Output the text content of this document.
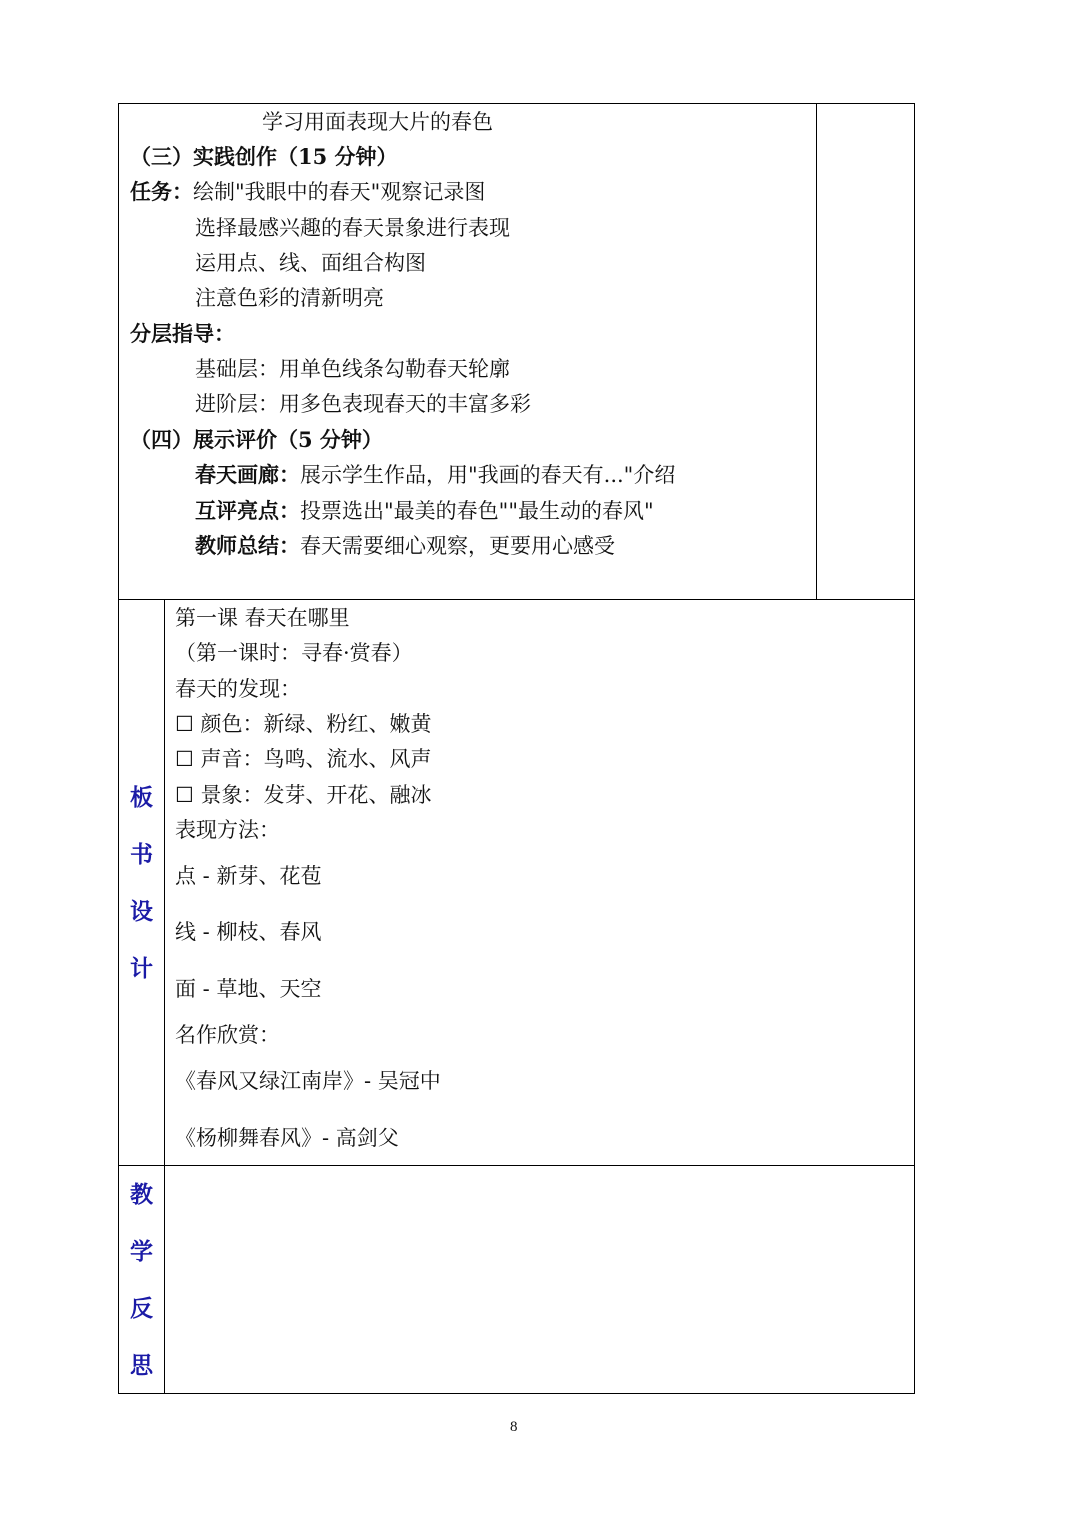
学习用面表现大片的春色
（三）实践创作（15 分钟）
任务：绘制"我眼中的春天"观察记录图
选择最感兴趣的春天景象进行表现
运用点、线、面组合构图
注意色彩的清新明亮
分层指导：
基础层：用单色线条勾勒春天轮廓
进阶层：用多色表现春天的丰富多彩
（四）展示评价（5 分钟）
春天画廊：展示学生作品，用"我画的春天有..."介绍
互评亮点：投票选出"最美的春色""最生动的春风"
教师总结：春天需要细心观察，更要用心感受
板
书
设
计
第一课 春天在哪里
（第一课时：寻春·赏春）
春天的发现：
☐ 颜色：新绿、粉红、嫩黄
☐ 声音：鸟鸣、流水、风声
☐ 景象：发芽、开花、融冰
表现方法：
点 - 新芽、花苞
线 - 柳枝、春风
面 - 草地、天空
名作欣赏：
《春风又绿江南岸》- 吴冠中
《杨柳舞春风》- 高剑父
教
学
反
思
8
